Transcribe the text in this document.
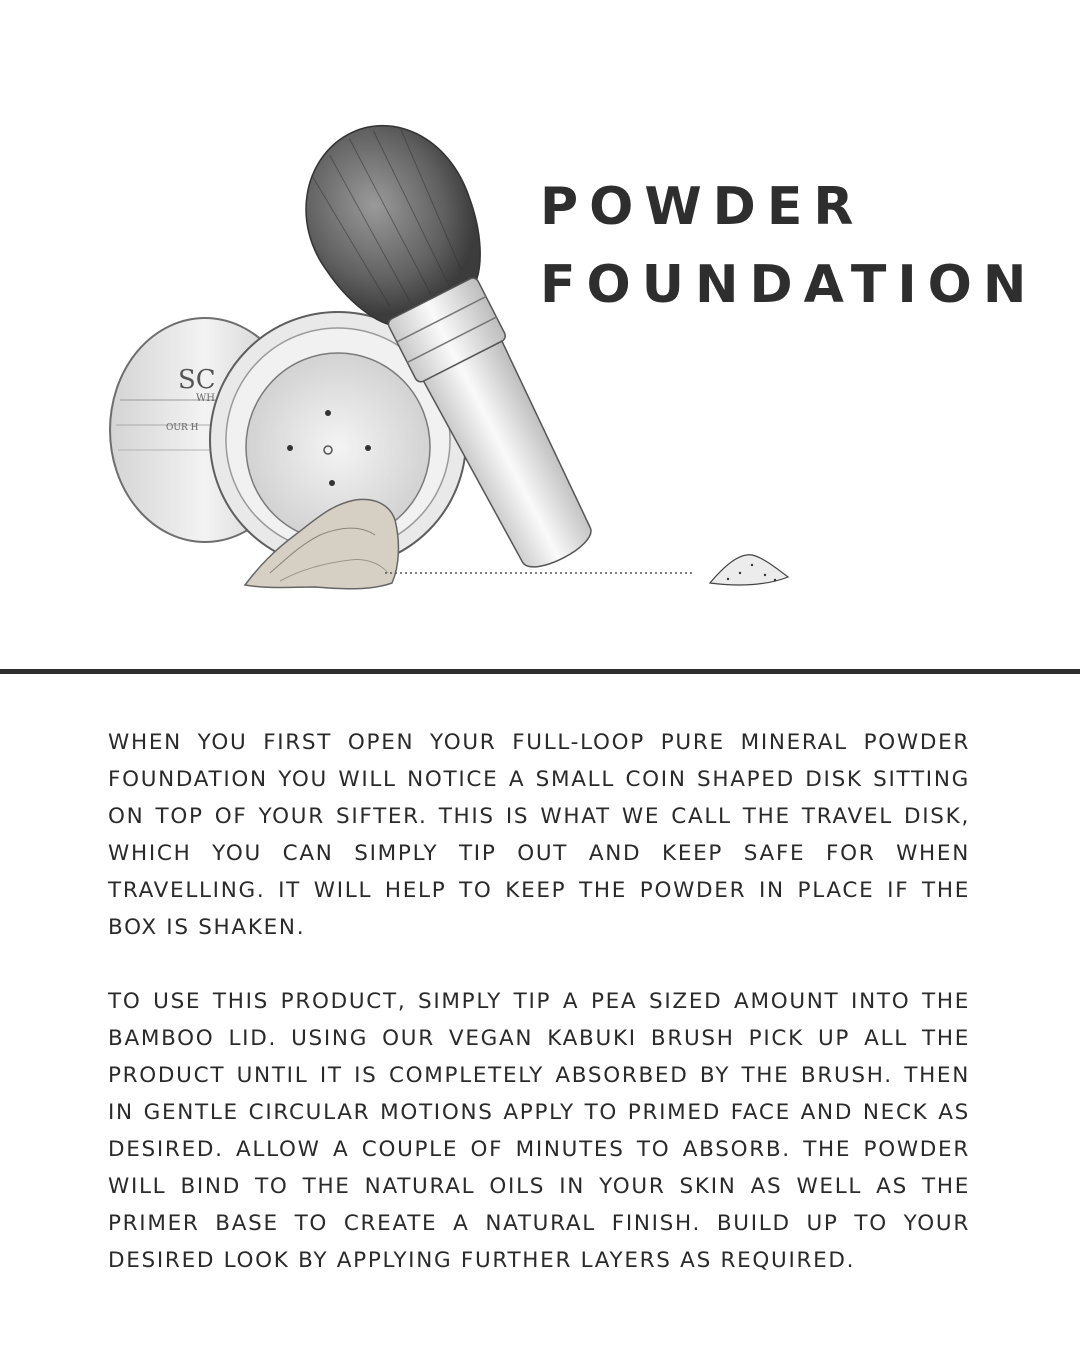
SC
WH
OUR H
POWDER
FOUNDATION

WHEN YOU FIRST OPEN YOUR FULL-LOOP PURE MINERAL POWDER FOUNDATION YOU WILL NOTICE A SMALL COIN SHAPED DISK SITTING ON TOP OF YOUR SIFTER. THIS IS WHAT WE CALL THE TRAVEL DISK, WHICH YOU CAN SIMPLY TIP OUT AND KEEP SAFE FOR WHEN TRAVELLING. IT WILL HELP TO KEEP THE POWDER IN PLACE IF THE BOX IS SHAKEN.

TO USE THIS PRODUCT, SIMPLY TIP A PEA SIZED AMOUNT INTO THE BAMBOO LID. USING OUR VEGAN KABUKI BRUSH PICK UP ALL THE PRODUCT UNTIL IT IS COMPLETELY ABSORBED BY THE BRUSH. THEN IN GENTLE CIRCULAR MOTIONS APPLY TO PRIMED FACE AND NECK AS DESIRED. ALLOW A COUPLE OF MINUTES TO ABSORB. THE POWDER WILL BIND TO THE NATURAL OILS IN YOUR SKIN AS WELL AS THE PRIMER BASE TO CREATE A NATURAL FINISH. BUILD UP TO YOUR DESIRED LOOK BY APPLYING FURTHER LAYERS AS REQUIRED.
